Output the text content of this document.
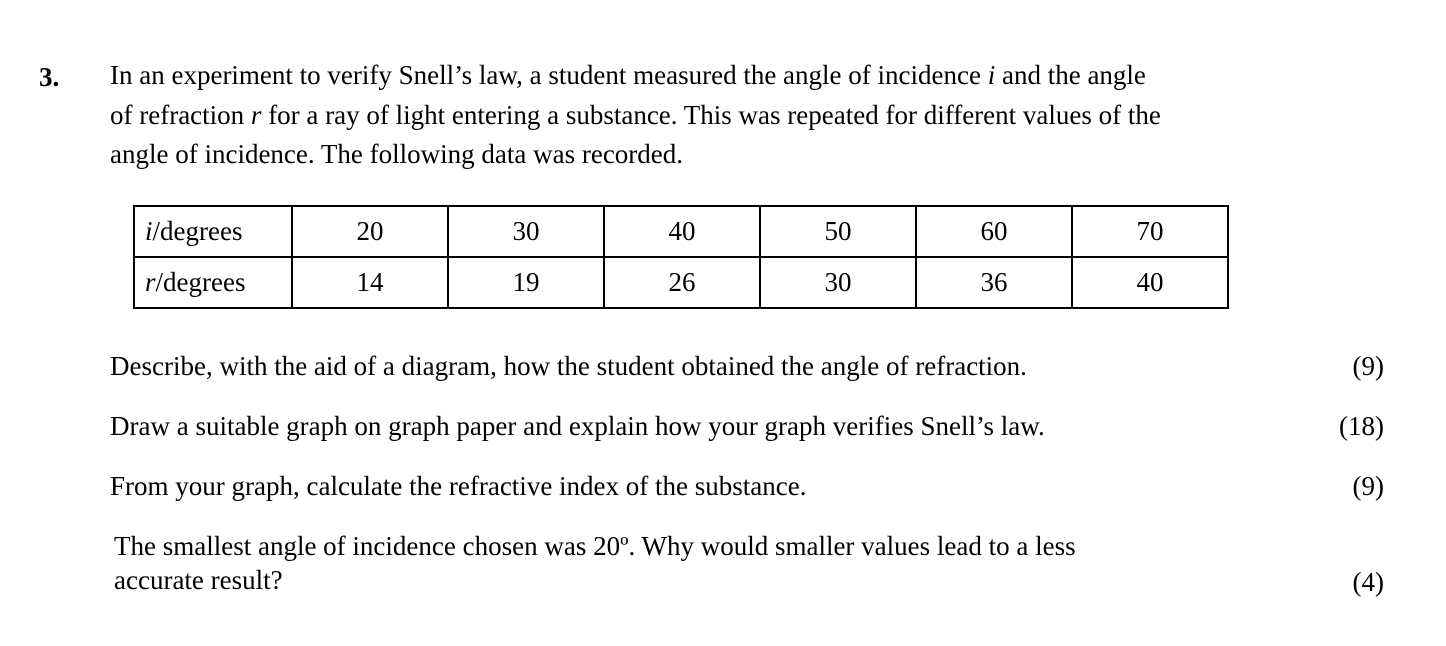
3. In an experiment to verify Snell’s law, a student measured the angle of incidence i and the angle

of refraction r for a ray of light entering a substance. This was repeated for different values of the

angle of incidence. The following data was recorded.

i/degrees	20	30	40	50	60	70
r/degrees	14	19	26	30	36	40
Describe, with the aid of a diagram, how the student obtained the angle of refraction.	(9)
Draw a suitable graph on graph paper and explain how your graph verifies Snell’s law.	(18)
From your graph, calculate the refractive index of the substance.	(9)

The smallest angle of incidence chosen was 20º. Why would smaller values lead to a less

accurate result?	(4)
